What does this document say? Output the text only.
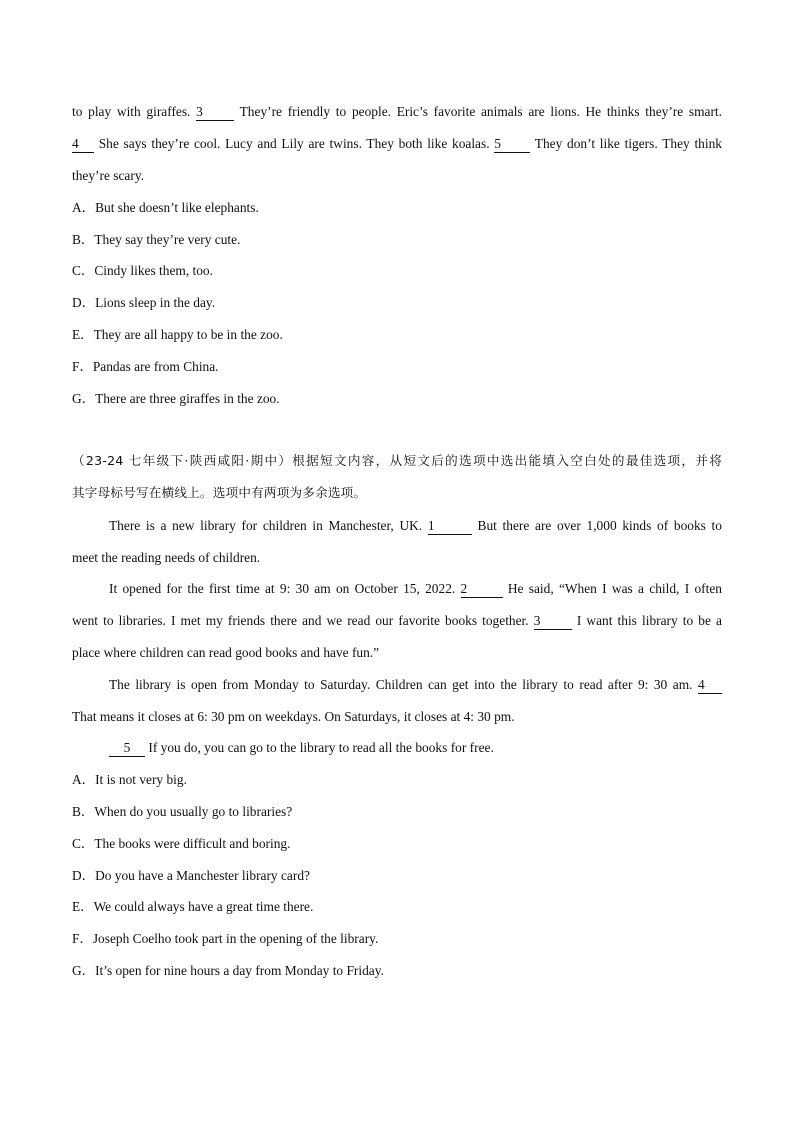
to play with giraffes. 3	They’re friendly to people. Eric’s favorite animals are lions. He thinks they’re smart.
4 She says they’re cool. Lucy and Lily are twins. They both like koalas. 5	They don’t like tigers. They think
they’re scary.
A．But she doesn’t like elephants.
B．They say they’re very cute.
C．Cindy likes them, too.
D．Lions sleep in the day.
E．They are all happy to be in the zoo.
F．Pandas are from China.
G．There are three giraffes in the zoo.
（23-24 七年级下·陕西咸阳·期中）根据短文内容，从短文后的选项中选出能填入空白处的最佳选项，并将
其字母标号写在横线上。选项中有两项为多余选项。
There is a new library for children in Manchester, UK. 1	But there are over 1,000 kinds of books to
meet the reading needs of children.
It opened for the first time at 9: 30 am on October 15, 2022. 2	He said, “When I was a child, I often
went to libraries. I met my friends there and we read our favorite books together. 3	I want this library to be a
place where children can read good books and have fun.”
The library is open from Monday to Saturday. Children can get into the library to read after 9: 30 am. 4
That means it closes at 6: 30 pm on weekdays. On Saturdays, it closes at 4: 30 pm.
5 If you do, you can go to the library to read all the books for free.
A．It is not very big.
B．When do you usually go to libraries?
C．The books were difficult and boring.
D．Do you have a Manchester library card?
E．We could always have a great time there.
F．Joseph Coelho took part in the opening of the library.
G．It’s open for nine hours a day from Monday to Friday.
